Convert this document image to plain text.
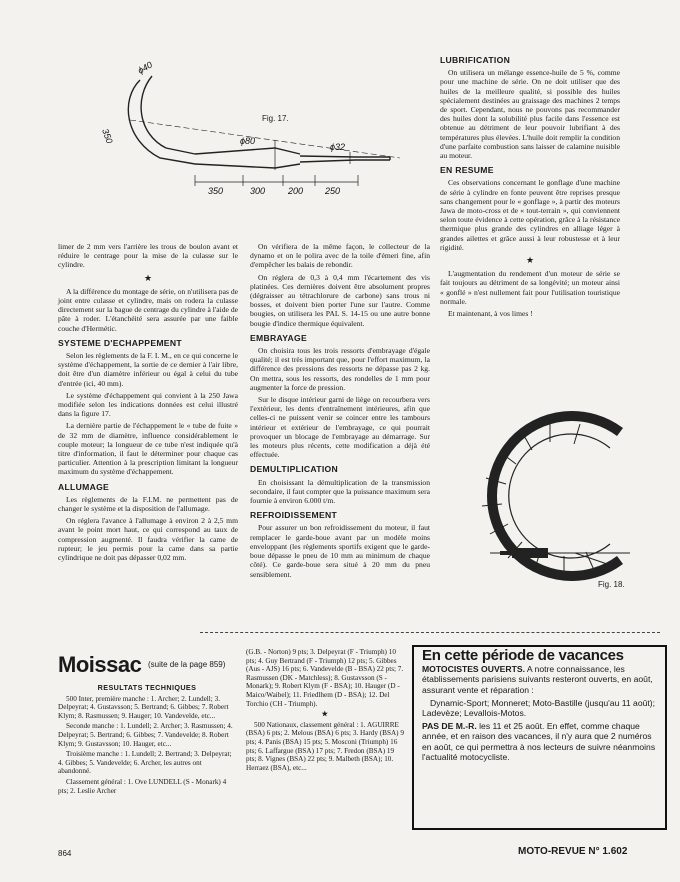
ϕ40
ϕ80
ϕ32
350
350	300	200 250
Fig. 17.

limer de 2 mm vers l'arrière les trous de boulon avant et réduire le centrage pour la mise de la culasse sur le cylindre.

★

A la différence du montage de série, on n'utilisera pas de joint entre culasse et cylindre, mais on rodera la culasse directement sur la bague de centrage du cylindre à l'aide de pâte à roder. L'étanchéité sera assurée par une faible couche d'Hermétic.

SYSTEME D'ECHAPPEMENT

Selon les règlements de la F. I. M., en ce qui concerne le système d'échappement, la sortie de ce dernier à l'air libre, doit être d'un diamètre inférieur ou égal à celui du tube d'entrée (ici, 40 mm).

Le système d'échappement qui convient à la 250 Jawa modifiée selon les indications données est celui illustré dans la figure 17.

La dernière partie de l'échappement le « tube de fuite » de 32 mm de diamètre, influence considérablement le couple moteur; la longueur de ce tube n'est indiquée qu'à titre d'information, il faut le déterminer pour chaque cas particulier. Attention à la prescription limitant la longueur maximum du système d'échappement.

ALLUMAGE

Les règlements de la F.I.M. ne permettent pas de changer le système et la disposition de l'allumage.

On réglera l'avance à l'allumage à environ 2 à 2,5 mm avant le point mort haut, ce qui correspond au taux de compression augmenté. Il faudra vérifier la came de rupteur; le jeu permis pour la came dans sa partie cylindrique ne doit pas dépasser 0,02 mm.

On vérifiera de la même façon, le collecteur de la dynamo et on le polira avec de la toile d'émeri fine, afin d'empêcher les balais de rebondir.

On réglera de 0,3 à 0,4 mm l'écartement des vis platinées. Ces dernières doivent être absolument propres (dégraisser au tétrachlorure de carbone) sans trous ni bosses, et doivent bien porter l'une sur l'autre. Comme bougies, on utilisera les PAL S. 14-15 ou une autre bonne bougie d'indice thermique équivalent.

EMBRAYAGE

On choisira tous les trois ressorts d'embrayage d'égale qualité; il est très important que, pour l'effort maximum, la différence des pressions des ressorts ne dépasse pas 2 kg. On mettra, sous les ressorts, des rondelles de 1 mm pour augmenter la force de pression.

Sur le disque intérieur garni de liège on recourbera vers l'extérieur, les dents d'entraînement intérieures, afin que celles-ci ne puissent venir se coincer entre les tambours intérieur et extérieur de l'embrayage, ce qui pourrait provoquer un blocage de l'embrayage au démarrage. Sur les moteurs plus récents, cette modification a déjà été effectuée.

DEMULTIPLICATION

En choisissant la démultiplication de la transmission secondaire, il faut compter que la puissance maximum sera fournie à environ 6.000 t/m.

REFROIDISSEMENT

Pour assurer un bon refroidissement du moteur, il faut remplacer le garde-boue avant par un modèle moins enveloppant (les règlements sportifs exigent que le garde-boue dépasse le pneu de 10 mm au minimum de chaque côté). Ce garde-boue sera situé à 20 mm du pneu sensiblement.

LUBRIFICATION

On utilisera un mélange essence-huile de 5 %, comme pour une machine de série. On ne doit utiliser que des huiles de la meilleure qualité, si possible des huiles spécialement destinées au graissage des machines 2 temps de sport. Cependant, nous ne pouvons pas recommander des huiles dont la solubilité plus facile dans l'essence est obtenue au détriment de leur pouvoir lubrifiant à des températures plus élevées. L'huile doit remplir la condition d'une parfaite combustion sans laisser de calamine nuisible au moteur.

EN RESUME

Ces observations concernant le gonflage d'une machine de série à cylindre en fonte peuvent être reprises presque sans changement pour le « gonflage », à partir des moteurs Jawa de moto-cross et de « tout-terrain », qui conviennent selon toute évidence à cette opération, grâce à la résistance thermique plus grande des cylindres en alliage léger à grandes ailettes et grâce aussi à leur robustesse et à leur rigidité.

★

L'augmentation du rendement d'un moteur de série se fait toujours au détriment de sa longévité; un moteur ainsi « gonflé » n'est nullement fait pour l'utilisation touristique normale.

Et maintenant, à vos limes !

Fig. 18.
Moissac (suite de la page 859)
RESULTATS TECHNIQUES

500 Inter, première manche : 1. Archer; 2. Lundell; 3. Delpeyrat; 4. Gustavsson; 5. Bertrand; 6. Gibbes; 7. Robert Klym; 8. Rasmussen; 9. Hauger; 10. Vandevelde, etc...

Seconde manche : 1. Lundell; 2. Archer; 3. Rasmussen; 4. Delpeyrat; 5. Bertrand; 6. Gibbes; 7. Vandevelde; 8. Robert Klym; 9. Gustavsson; 10. Hauger, etc...

Troisième manche : 1. Lundell; 2. Bertrand; 3. Delpeyrat; 4. Gibbes; 5. Vandevelde; 6. Archer, les autres ont abandonné.

Classement général : 1. Ove LUNDELL (S - Monark) 4 pts; 2. Leslie Archer

(G.B. - Norton) 9 pts; 3. Delpeyrat (F - Triumph) 10 pts; 4. Guy Bertrand (F - Triumph) 12 pts; 5. Gibbes (Aus - AJS) 16 pts; 6. Vandevelde (B - BSA) 22 pts; 7. Rasmussen (DK - Matchless); 8. Gustavsson (S - Monark); 9. Robert Klym (F - BSA); 10. Hauger (D - Maico/Waibel); 11. Friedlhem (D - BSA); 12. Del Torchio (CH - Triumph).

★

500 Nationaux, classement général : 1. AGUIRRE (BSA) 6 pts; 2. Melous (BSA) 6 pts; 3. Hardy (BSA) 9 pts; 4. Panis (BSA) 15 pts; 5. Mosconi (Triumph) 16 pts; 6. Laffargue (BSA) 17 pts; 7. Fredon (BSA) 19 pts; 8. Vignes (BSA) 22 pts; 9. Malbeth (BSA); 10. Herraez (BSA), etc...

En cette période de vacances

MOTOCISTES OUVERTS. A notre connaissance, les établissements parisiens suivants resteront ouverts, en août, assurant vente et réparation :

Dynamic-Sport; Monneret; Moto-Bastille (jusqu'au 11 août); Ladevèze; Levallois-Motos.

PAS DE M.-R. les 11 et 25 août. En effet, comme chaque année, et en raison des vacances, il n'y aura que 2 numéros en août, ce qui permettra à nos lecteurs de suivre néanmoins l'actualité motocycliste.

864	MOTO-REVUE N° 1.602
